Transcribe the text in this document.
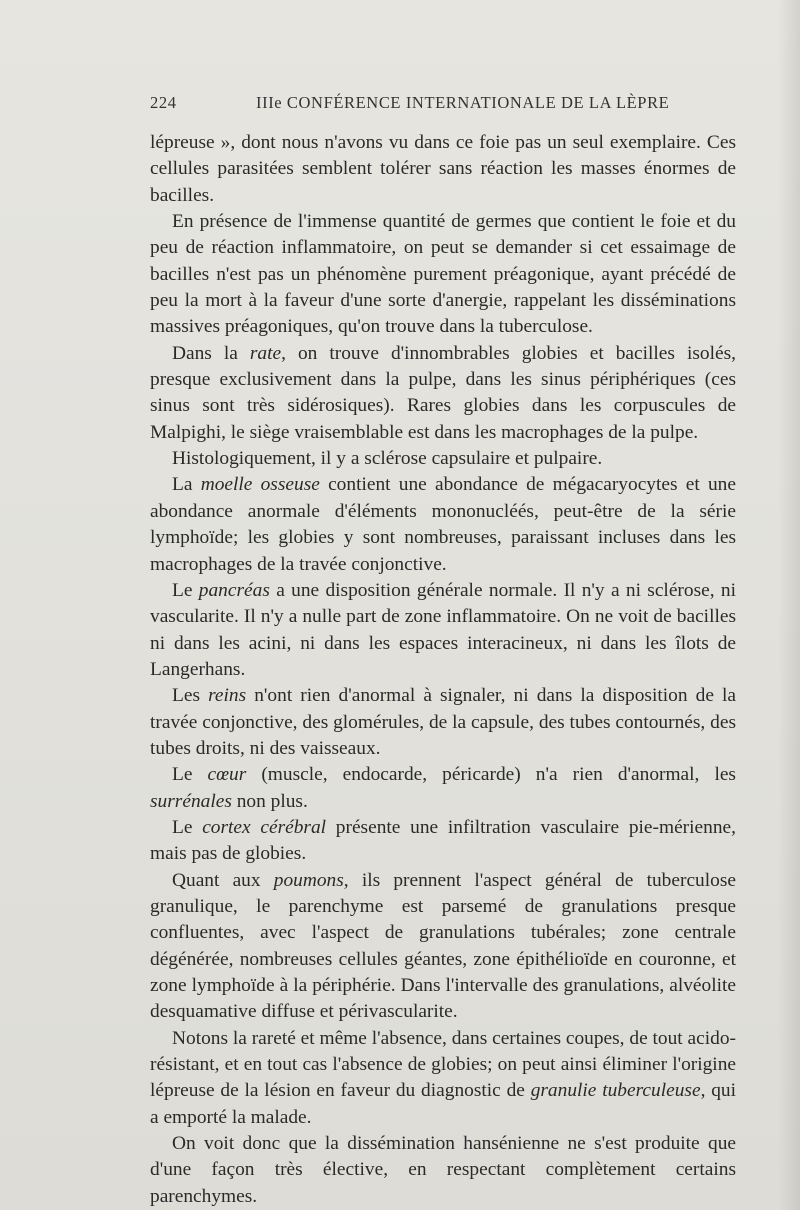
224	IIIe CONFÉRENCE INTERNATIONALE DE LA LÈPRE

lépreuse », dont nous n'avons vu dans ce foie pas un seul exemplaire. Ces cellules parasitées semblent tolérer sans réaction les masses énormes de bacilles.

En présence de l'immense quantité de germes que contient le foie et du peu de réaction inflammatoire, on peut se demander si cet essaimage de bacilles n'est pas un phénomène purement préagonique, ayant précédé de peu la mort à la faveur d'une sorte d'anergie, rappelant les disséminations massives préagoniques, qu'on trouve dans la tuberculose.

Dans la rate, on trouve d'innombrables globies et bacilles isolés, presque exclusivement dans la pulpe, dans les sinus périphériques (ces sinus sont très sidérosiques). Rares globies dans les corpuscules de Malpighi, le siège vraisemblable est dans les macrophages de la pulpe.

Histologiquement, il y a sclérose capsulaire et pulpaire.

La moelle osseuse contient une abondance de mégacaryocytes et une abondance anormale d'éléments mononucléés, peut-être de la série lymphoïde; les globies y sont nombreuses, paraissant incluses dans les macrophages de la travée conjonctive.

Le pancréas a une disposition générale normale. Il n'y a ni sclérose, ni vascularite. Il n'y a nulle part de zone inflammatoire. On ne voit de bacilles ni dans les acini, ni dans les espaces interacineux, ni dans les îlots de Langerhans.

Les reins n'ont rien d'anormal à signaler, ni dans la disposition de la travée conjonctive, des glomérules, de la capsule, des tubes contournés, des tubes droits, ni des vaisseaux.

Le cœur (muscle, endocarde, péricarde) n'a rien d'anormal, les surrénales non plus.

Le cortex cérébral présente une infiltration vasculaire pie-mérienne, mais pas de globies.

Quant aux poumons, ils prennent l'aspect général de tuberculose granulique, le parenchyme est parsemé de granulations presque confluentes, avec l'aspect de granulations tubérales; zone centrale dégénérée, nombreuses cellules géantes, zone épithélioïde en couronne, et zone lymphoïde à la périphérie. Dans l'intervalle des granulations, alvéolite desquamative diffuse et périvascularite.

Notons la rareté et même l'absence, dans certaines coupes, de tout acido-résistant, et en tout cas l'absence de globies; on peut ainsi éliminer l'origine lépreuse de la lésion en faveur du diagnostic de granulie tuberculeuse, qui a emporté la malade.

On voit donc que la dissémination hansénienne ne s'est produite que d'une façon très élective, en respectant complètement certains parenchymes.
